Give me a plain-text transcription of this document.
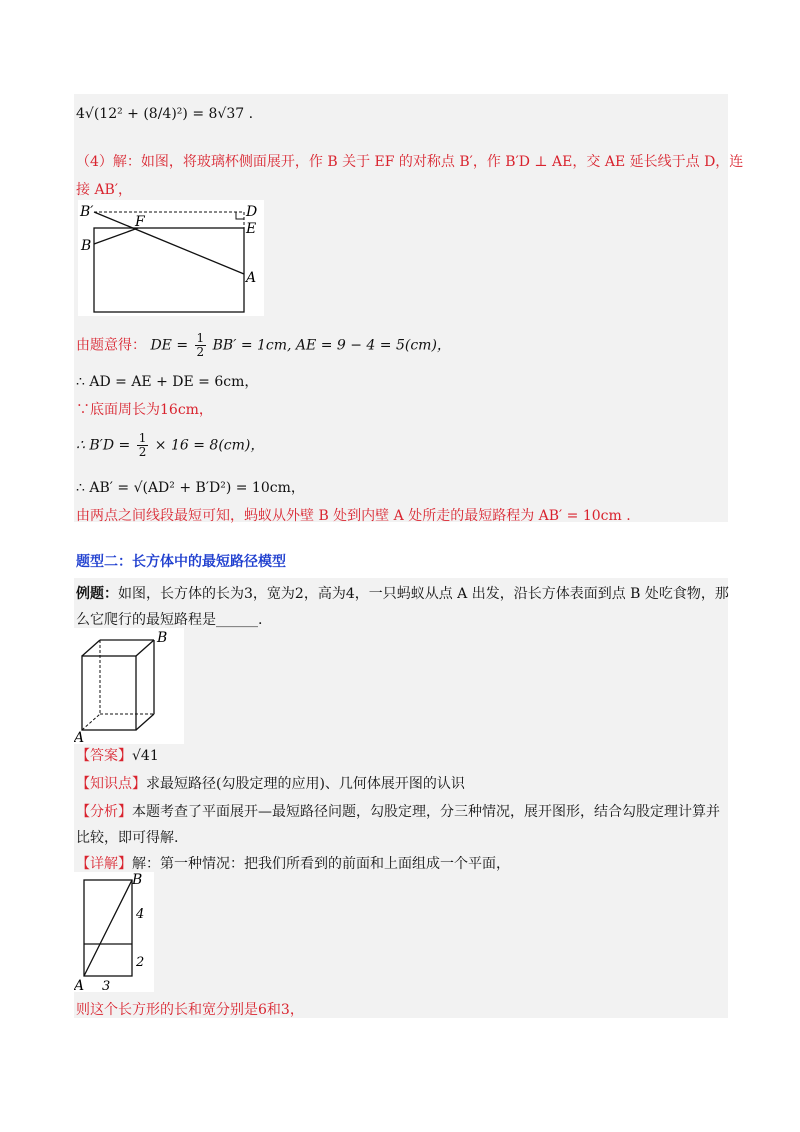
4√(12² + (8/4)²) = 8√37 .
（4）解：如图，将玻璃杯侧面展开，作 B 关于 EF 的对称点 B′，作 B′D ⊥ AE，交 AE 延长线于点 D，连
接 AB′，
B′	D
F	E
B
A
由题意得： DE = $\frac{1}{2} BB' = 1cm$, AE = 9 − 4 = 5(cm)，
∴ AD = AE + DE = 6cm，
∵底面周长为16cm，
∴ $B'D = \frac{1}{2} \times 16 = 8(cm)$，
∴ AB′ = √(AD² + B′D²) = 10cm，
由两点之间线段最短可知，蚂蚁从外壁 B 处到内壁 A 处所走的最短路程为 AB′ = 10cm .
题型二：长方体中的最短路径模型
例题：如图，长方体的长为3，宽为2，高为4，一只蚂蚁从点 A 出发，沿长方体表面到点 B 处吃食物，那
么它爬行的最短路程是______.
B
A
【答案】√41
【知识点】求最短路径(勾股定理的应用)、几何体展开图的认识
【分析】本题考查了平面展开—最短路径问题，勾股定理，分三种情况，展开图形，结合勾股定理计算并
比较，即可得解.
【详解】解：第一种情况：把我们所看到的前面和上面组成一个平面，
B
4
2
A 3
则这个长方形的长和宽分别是6和3，
